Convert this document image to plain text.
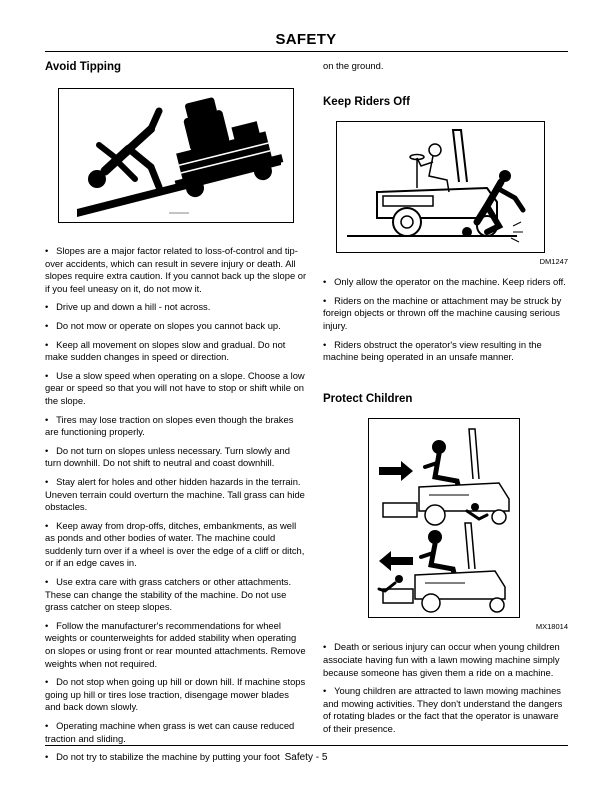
SAFETY
Avoid Tipping

•   Slopes are a major factor related to loss-of-control and tip-over accidents, which can result in severe injury or death. All slopes require extra caution. If you cannot back up the slope or if you feel uneasy on it, do not mow it.

•   Drive up and down a hill - not across.

•   Do not mow or operate on slopes you cannot back up.

•   Keep all movement on slopes slow and gradual. Do not make sudden changes in speed or direction.

•   Use a slow speed when operating on a slope. Choose a low gear or speed so that you will not have to stop or shift while on the slope.

•   Tires may lose traction on slopes even though the brakes are functioning properly.

•   Do not turn on slopes unless necessary. Turn slowly and turn downhill. Do not shift to neutral and coast downhill.

•   Stay alert for holes and other hidden hazards in the terrain. Uneven terrain could overturn the machine. Tall grass can hide obstacles.

•   Keep away from drop-offs, ditches, embankments, as well as ponds and other bodies of water. The machine could suddenly turn over if a wheel is over the edge of a cliff or ditch, or if an edge caves in.

•   Use extra care with grass catchers or other attachments. These can change the stability of the machine. Do not use grass catcher on steep slopes.

•   Follow the manufacturer's recommendations for wheel weights or counterweights for added stability when operating on slopes or using front or rear mounted attachments. Remove weights when not required.

•   Do not stop when going up hill or down hill. If machine stops going up hill or tires lose traction, disengage mower blades and back down slowly.

•   Operating machine when grass is wet can cause reduced traction and sliding.

•   Do not try to stabilize the machine by putting your foot

on the ground.

Keep Riders Off
DM1247

•   Only allow the operator on the machine. Keep riders off.

•   Riders on the machine or attachment may be struck by foreign objects or thrown off the machine causing serious injury.

•   Riders obstruct the operator's view resulting in the machine being operated in an unsafe manner.

Protect Children
MX18014

•   Death or serious injury can occur when young children associate having fun with a lawn mowing machine simply because someone has given them a ride on a machine.

•   Young children are attracted to lawn mowing machines and mowing activities. They don't understand the dangers of rotating blades or the fact that the operator is unaware of their presence.

Safety - 5
